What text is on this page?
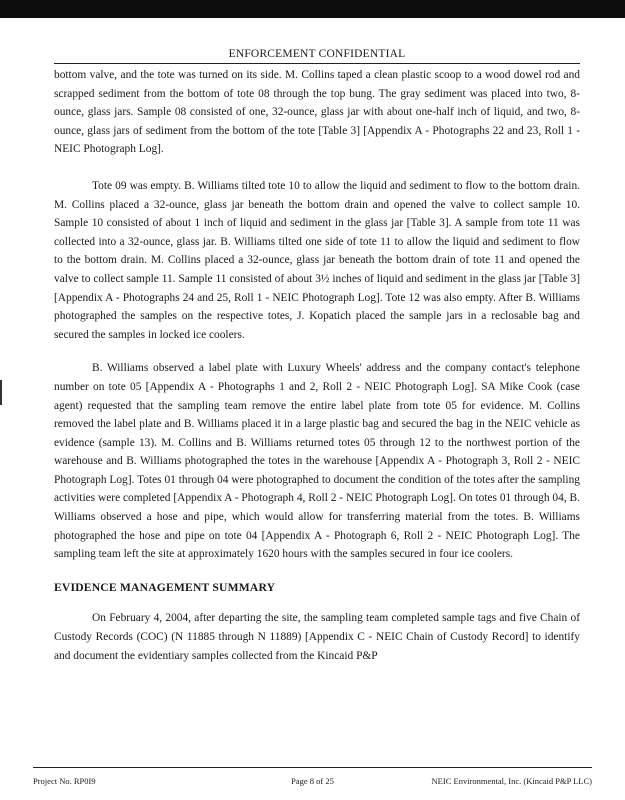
ENFORCEMENT CONFIDENTIAL

bottom valve, and the tote was turned on its side. M. Collins taped a clean plastic scoop to a wood dowel rod and scrapped sediment from the bottom of tote 08 through the top bung. The gray sediment was placed into two, 8-ounce, glass jars. Sample 08 consisted of one, 32-ounce, glass jar with about one-half inch of liquid, and two, 8-ounce, glass jars of sediment from the bottom of the tote [Table 3] [Appendix A - Photographs 22 and 23, Roll 1 - NEIC Photograph Log].

Tote 09 was empty. B. Williams tilted tote 10 to allow the liquid and sediment to flow to the bottom drain. M. Collins placed a 32-ounce, glass jar beneath the bottom drain and opened the valve to collect sample 10. Sample 10 consisted of about 1 inch of liquid and sediment in the glass jar [Table 3]. A sample from tote 11 was collected into a 32-ounce, glass jar. B. Williams tilted one side of tote 11 to allow the liquid and sediment to flow to the bottom drain. M. Collins placed a 32-ounce, glass jar beneath the bottom drain of tote 11 and opened the valve to collect sample 11. Sample 11 consisted of about 3½ inches of liquid and sediment in the glass jar [Table 3] [Appendix A - Photographs 24 and 25, Roll 1 - NEIC Photograph Log]. Tote 12 was also empty. After B. Williams photographed the samples on the respective totes, J. Kopatich placed the sample jars in a reclosable bag and secured the samples in locked ice coolers.

B. Williams observed a label plate with Luxury Wheels' address and the company contact's telephone number on tote 05 [Appendix A - Photographs 1 and 2, Roll 2 - NEIC Photograph Log]. SA Mike Cook (case agent) requested that the sampling team remove the entire label plate from tote 05 for evidence. M. Collins removed the label plate and B. Williams placed it in a large plastic bag and secured the bag in the NEIC vehicle as evidence (sample 13). M. Collins and B. Williams returned totes 05 through 12 to the northwest portion of the warehouse and B. Williams photographed the totes in the warehouse [Appendix A - Photograph 3, Roll 2 - NEIC Photograph Log]. Totes 01 through 04 were photographed to document the condition of the totes after the sampling activities were completed [Appendix A - Photograph 4, Roll 2 - NEIC Photograph Log]. On totes 01 through 04, B. Williams observed a hose and pipe, which would allow for transferring material from the totes. B. Williams photographed the hose and pipe on tote 04 [Appendix A - Photograph 6, Roll 2 - NEIC Photograph Log]. The sampling team left the site at approximately 1620 hours with the samples secured in four ice coolers.

EVIDENCE MANAGEMENT SUMMARY

On February 4, 2004, after departing the site, the sampling team completed sample tags and five Chain of Custody Records (COC) (N 11885 through N 11889) [Appendix C - NEIC Chain of Custody Record] to identify and document the evidentiary samples collected from the Kincaid P&P

Project No. RP0I9	Page 8 of 25	NEIC Environmental, Inc. (Kincaid P&P LLC)
